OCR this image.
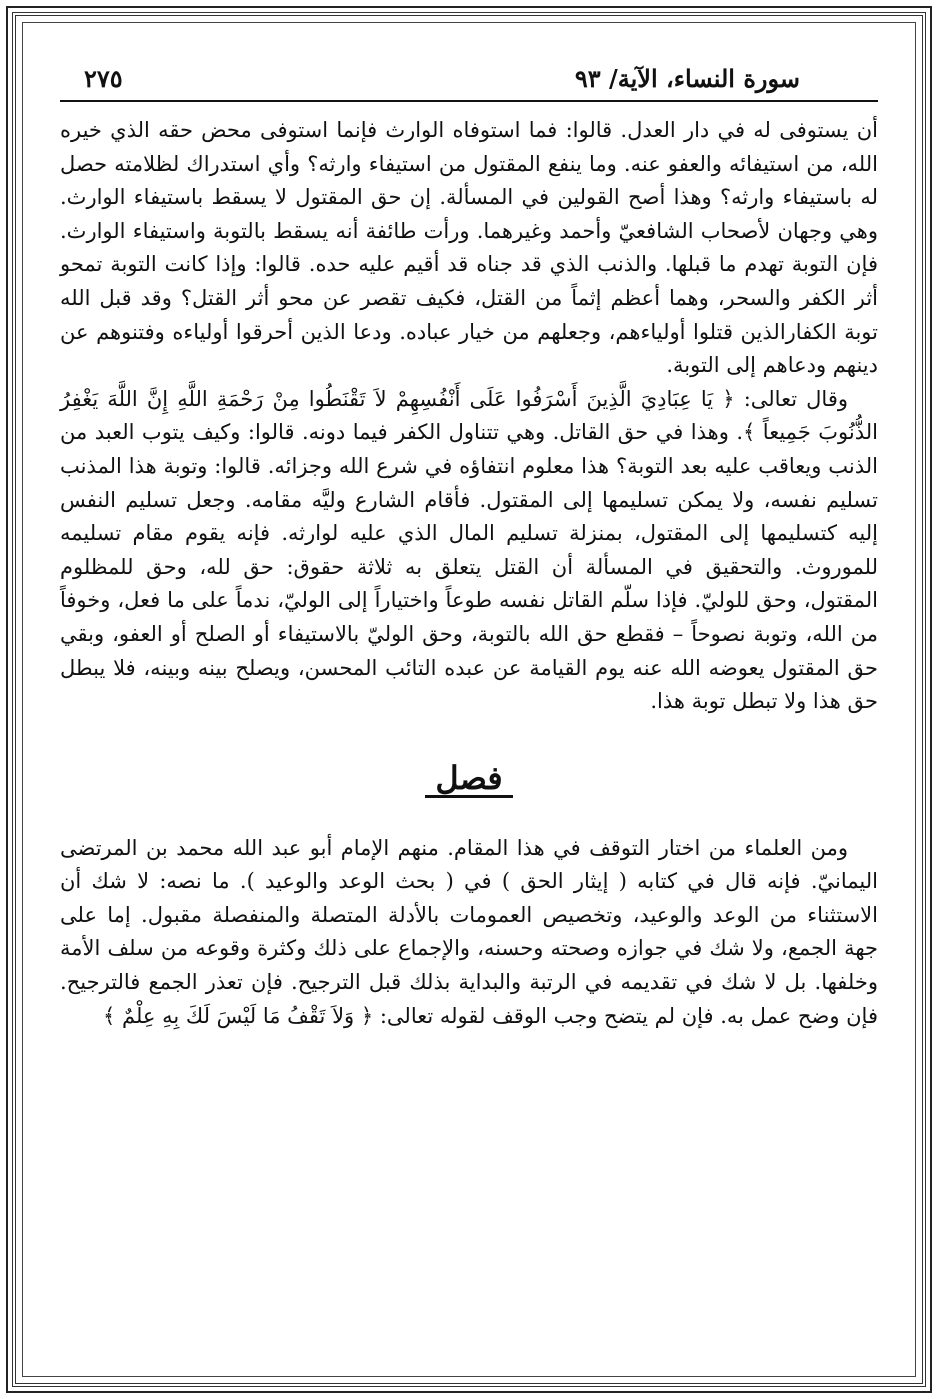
سورة النساء، الآية/ ٩٣
٢٧٥

أن يستوفى له في دار العدل. قالوا: فما استوفاه الوارث فإنما استوفى محض حقه الذي خيره الله، من استيفائه والعفو عنه. وما ينفع المقتول من استيفاء وارثه؟ وأي استدراك لظلامته حصل له باستيفاء وارثه؟ وهذا أصح القولين في المسألة. إن حق المقتول لا يسقط باستيفاء الوارث. وهي وجهان لأصحاب الشافعيّ وأحمد وغيرهما. ورأت طائفة أنه يسقط بالتوبة واستيفاء الوارث. فإن التوبة تهدم ما قبلها. والذنب الذي قد جناه قد أقيم عليه حده. قالوا: وإذا كانت التوبة تمحو أثر الكفر والسحر، وهما أعظم إثماً من القتل، فكيف تقصر عن محو أثر القتل؟ وقد قبل الله توبة الكفارالذين قتلوا أولياءهم، وجعلهم من خيار عباده. ودعا الذين أحرقوا أولياءه وفتنوهم عن دينهم ودعاهم إلى التوبة.

وقال تعالى: ﴿ يَا عِبَادِيَ الَّذِينَ أَسْرَفُوا عَلَى أَنْفُسِهِمْ لاَ تَقْنَطُوا مِنْ رَحْمَةِ اللَّهِ إِنَّ اللَّهَ يَغْفِرُ الذُّنُوبَ جَمِيعاً ﴾. وهذا في حق القاتل. وهي تتناول الكفر فيما دونه. قالوا: وكيف يتوب العبد من الذنب ويعاقب عليه بعد التوبة؟ هذا معلوم انتفاؤه في شرع الله وجزائه. قالوا: وتوبة هذا المذنب تسليم نفسه، ولا يمكن تسليمها إلى المقتول. فأقام الشارع وليَّه مقامه. وجعل تسليم النفس إليه كتسليمها إلى المقتول، بمنزلة تسليم المال الذي عليه لوارثه. فإنه يقوم مقام تسليمه للموروث. والتحقيق في المسألة أن القتل يتعلق به ثلاثة حقوق: حق لله، وحق للمظلوم المقتول، وحق للوليّ. فإذا سلّم القاتل نفسه طوعاً واختياراً إلى الوليّ، ندماً على ما فعل، وخوفاً من الله، وتوبة نصوحاً – فقطع حق الله بالتوبة، وحق الوليّ بالاستيفاء أو الصلح أو العفو، وبقي حق المقتول يعوضه الله عنه يوم القيامة عن عبده التائب المحسن، ويصلح بينه وبينه، فلا يبطل حق هذا ولا تبطل توبة هذا.

فصل

ومن العلماء من اختار التوقف في هذا المقام. منهم الإمام أبو عبد الله محمد بن المرتضى اليمانيّ. فإنه قال في كتابه ( إيثار الحق ) في ( بحث الوعد والوعيد ). ما نصه: لا شك أن الاستثناء من الوعد والوعيد، وتخصيص العمومات بالأدلة المتصلة والمنفصلة مقبول. إما على جهة الجمع، ولا شك في جوازه وصحته وحسنه، والإجماع على ذلك وكثرة وقوعه من سلف الأمة وخلفها. بل لا شك في تقديمه في الرتبة والبداية بذلك قبل الترجيح. فإن تعذر الجمع فالترجيح. فإن وضح عمل به. فإن لم يتضح وجب الوقف لقوله تعالى: ﴿ وَلاَ تَقْفُ مَا لَيْسَ لَكَ بِهِ عِلْمٌ ﴾
